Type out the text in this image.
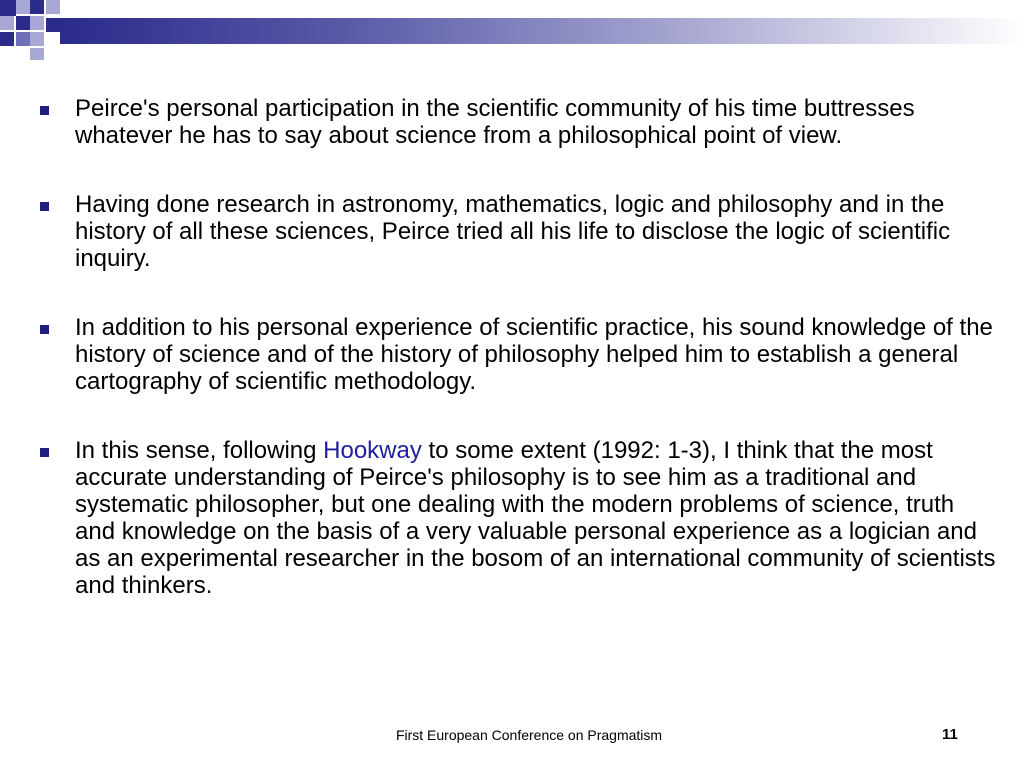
Peirce's personal participation in the scientific community of his time buttresses whatever he has to say about science from a philosophical point of view.
Having done research in astronomy, mathematics, logic and philosophy and in the history of all these sciences, Peirce tried all his life to disclose the logic of scientific inquiry.
In addition to his personal experience of scientific practice, his sound knowledge of the history of science and of the history of philosophy helped him to establish a general cartography of scientific methodology.
In this sense, following Hookway to some extent (1992: 1-3), I think that the most accurate understanding of Peirce's philosophy is to see him as a traditional and systematic philosopher, but one dealing with the modern problems of science, truth and knowledge on the basis of a very valuable personal experience as a logician and as an experimental researcher in the bosom of an international community of scientists and thinkers.
First European Conference on Pragmatism	11
